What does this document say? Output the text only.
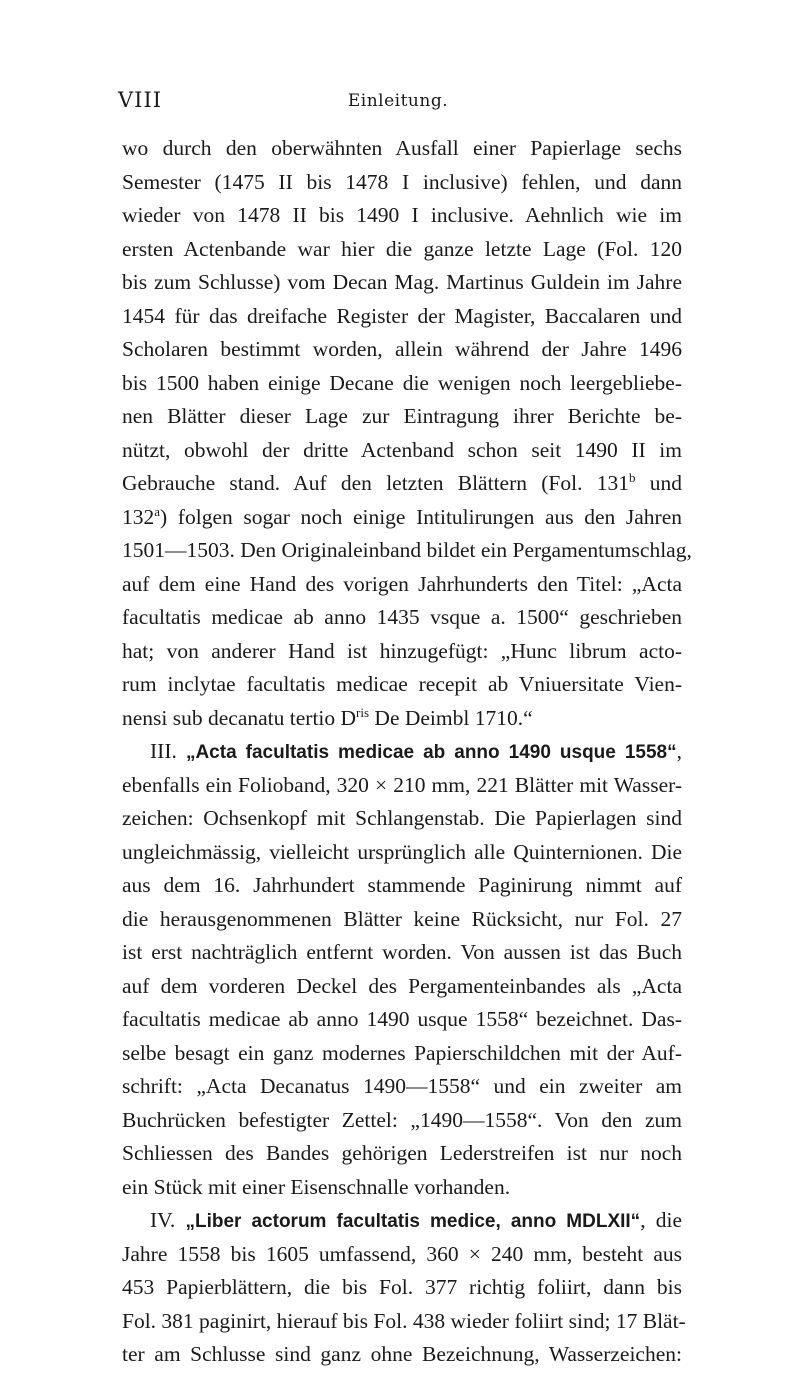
VIII	Einleitung.
wo durch den oberwähnten Ausfall einer Papierlage sechs
Semester (1475 II bis 1478 I inclusive) fehlen, und dann
wieder von 1478 II bis 1490 I inclusive. Aehnlich wie im
ersten Actenbande war hier die ganze letzte Lage (Fol. 120
bis zum Schlusse) vom Decan Mag. Martinus Guldein im Jahre
1454 für das dreifache Register der Magister, Baccalaren und
Scholaren bestimmt worden, allein während der Jahre 1496
bis 1500 haben einige Decane die wenigen noch leergebliebe-
nen Blätter dieser Lage zur Eintragung ihrer Berichte be-
nützt, obwohl der dritte Actenband schon seit 1490 II im
Gebrauche stand. Auf den letzten Blättern (Fol. 131$^b$ und
132$^a$) folgen sogar noch einige Intitulirungen aus den Jahren
1501—1503. Den Originaleinband bildet ein Pergamentumschlag,
auf dem eine Hand des vorigen Jahrhunderts den Titel: „Acta
facultatis medicae ab anno 1435 vsque a. 1500“ geschrieben
hat; von anderer Hand ist hinzugefügt: „Hunc librum acto-
rum inclytae facultatis medicae recepit ab Vniuersitate Vien-
nensi sub decanatu tertio $D^{ris}$ De Deimbl 1710.“
III. „Acta facultatis medicae ab anno 1490 usque 1558“,
ebenfalls ein Folioband, 320 × 210 mm, 221 Blätter mit Wasser-
zeichen: Ochsenkopf mit Schlangenstab. Die Papierlagen sind
ungleichmässig, vielleicht ursprünglich alle Quinternionen. Die
aus dem 16. Jahrhundert stammende Paginirung nimmt auf
die herausgenommenen Blätter keine Rücksicht, nur Fol. 27
ist erst nachträglich entfernt worden. Von aussen ist das Buch
auf dem vorderen Deckel des Pergamenteinbandes als „Acta
facultatis medicae ab anno 1490 usque 1558“ bezeichnet. Das-
selbe besagt ein ganz modernes Papierschildchen mit der Auf-
schrift: „Acta Decanatus 1490—1558“ und ein zweiter am
Buchrücken befestigter Zettel: „1490—1558“. Von den zum
Schliessen des Bandes gehörigen Lederstreifen ist nur noch
ein Stück mit einer Eisenschnalle vorhanden.
IV. „Liber actorum facultatis medice, anno MDLXII“, die
Jahre 1558 bis 1605 umfassend, 360 × 240 mm, besteht aus
453 Papierblättern, die bis Fol. 377 richtig foliirt, dann bis
Fol. 381 paginirt, hierauf bis Fol. 438 wieder foliirt sind; 17 Blät-
ter am Schlusse sind ganz ohne Bezeichnung, Wasserzeichen:
